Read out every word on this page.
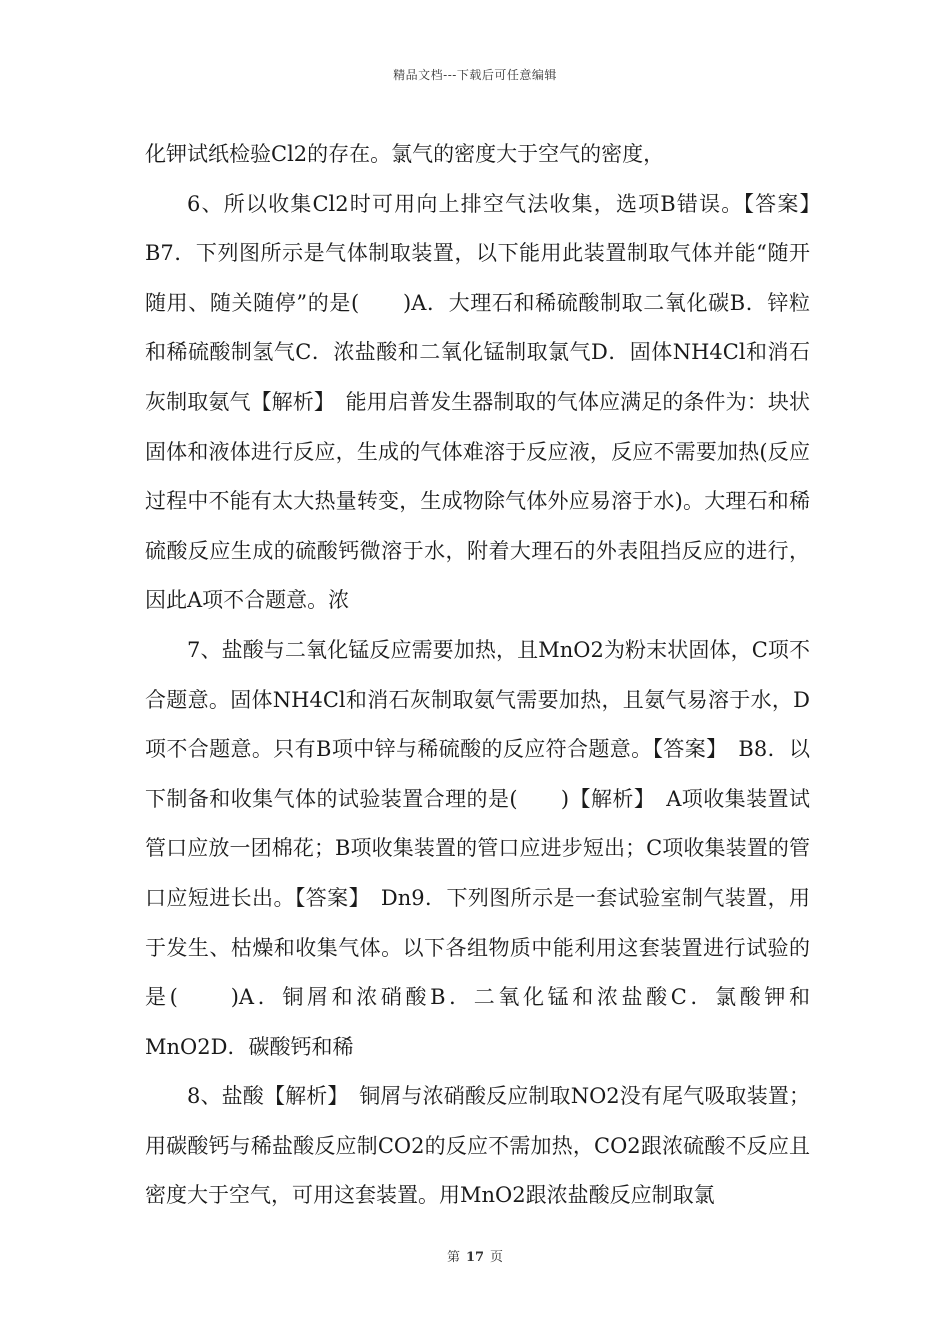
精品文档---下载后可任意编辑

化钾试纸检验Cl2的存在。氯气的密度大于空气的密度，

6、所以收集Cl2时可用向上排空气法收集，选项B错误。【答案】　B7．下列图所示是气体制取装置，以下能用此装置制取气体并能“随开随用、随关随停”的是(　　)A．大理石和稀硫酸制取二氧化碳B．锌粒和稀硫酸制氢气C．浓盐酸和二氧化锰制取氯气D．固体NH4Cl和消石灰制取氨气【解析】　能用启普发生器制取的气体应满足的条件为：块状固体和液体进行反应，生成的气体难溶于反应液，反应不需要加热(反应过程中不能有太大热量转变，生成物除气体外应易溶于水)。大理石和稀硫酸反应生成的硫酸钙微溶于水，附着大理石的外表阻挡反应的进行，因此A项不合题意。浓

7、盐酸与二氧化锰反应需要加热，且MnO2为粉末状固体，C项不合题意。固体NH4Cl和消石灰制取氨气需要加热，且氨气易溶于水，D项不合题意。只有B项中锌与稀硫酸的反应符合题意。【答案】　B8．以下制备和收集气体的试验装置合理的是(　　)【解析】　A项收集装置试管口应放一团棉花；B项收集装置的管口应进步短出；C项收集装置的管口应短进长出。【答案】　Dn9．下列图所示是一套试验室制气装置，用于发生、枯燥和收集气体。以下各组物质中能利用这套装置进行试验的是(　　)A．铜屑和浓硝酸B．二氧化锰和浓盐酸C．氯酸钾和MnO2D．碳酸钙和稀

8、盐酸【解析】　铜屑与浓硝酸反应制取NO2没有尾气吸取装置；用碳酸钙与稀盐酸反应制CO2的反应不需加热，CO2跟浓硫酸不反应且密度大于空气，可用这套装置。用MnO2跟浓盐酸反应制取氯

第 17 页
